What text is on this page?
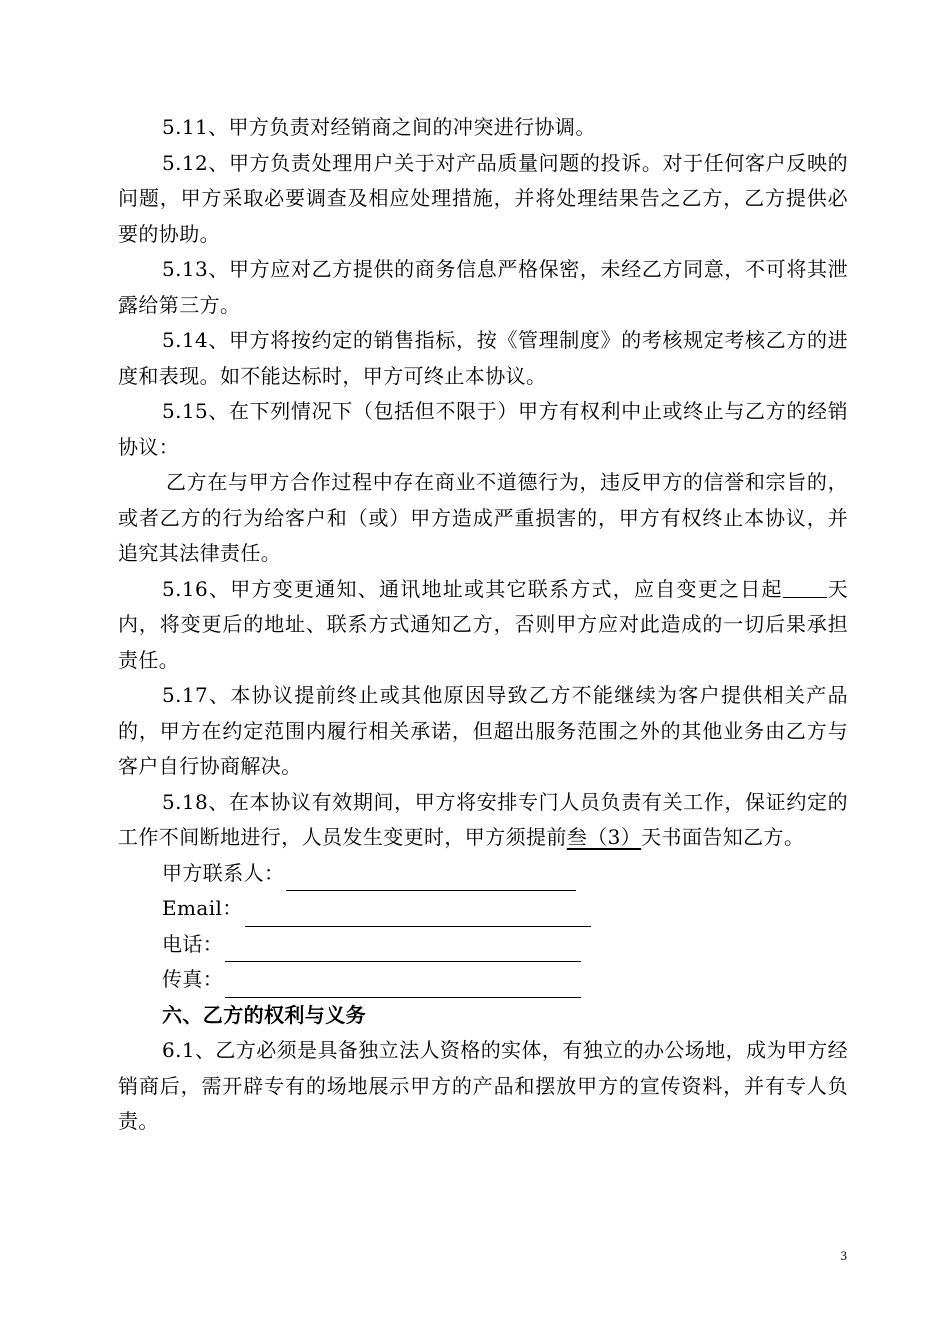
5.11、甲方负责对经销商之间的冲突进行协调。

5.12、甲方负责处理用户关于对产品质量问题的投诉。对于任何客户反映的问题，甲方采取必要调查及相应处理措施，并将处理结果告之乙方，乙方提供必要的协助。

5.13、甲方应对乙方提供的商务信息严格保密，未经乙方同意，不可将其泄露给第三方。

5.14、甲方将按约定的销售指标，按《管理制度》的考核规定考核乙方的进度和表现。如不能达标时，甲方可终止本协议。

5.15、在下列情况下（包括但不限于）甲方有权利中止或终止与乙方的经销协议：

乙方在与甲方合作过程中存在商业不道德行为，违反甲方的信誉和宗旨的，或者乙方的行为给客户和（或）甲方造成严重损害的，甲方有权终止本协议，并追究其法律责任。

5.16、甲方变更通知、通讯地址或其它联系方式，应自变更之日起 天内，将变更后的地址、联系方式通知乙方，否则甲方应对此造成的一切后果承担责任。

5.17、本协议提前终止或其他原因导致乙方不能继续为客户提供相关产品的，甲方在约定范围内履行相关承诺，但超出服务范围之外的其他业务由乙方与客户自行协商解决。

5.18、在本协议有效期间，甲方将安排专门人员负责有关工作，保证约定的工作不间断地进行，人员发生变更时，甲方须提前叁（3）天书面告知乙方。

甲方联系人：
Email：
电话：
传真：

六、乙方的权利与义务

6.1、乙方必须是具备独立法人资格的实体，有独立的办公场地，成为甲方经销商后，需开辟专有的场地展示甲方的产品和摆放甲方的宣传资料，并有专人负责。

3
